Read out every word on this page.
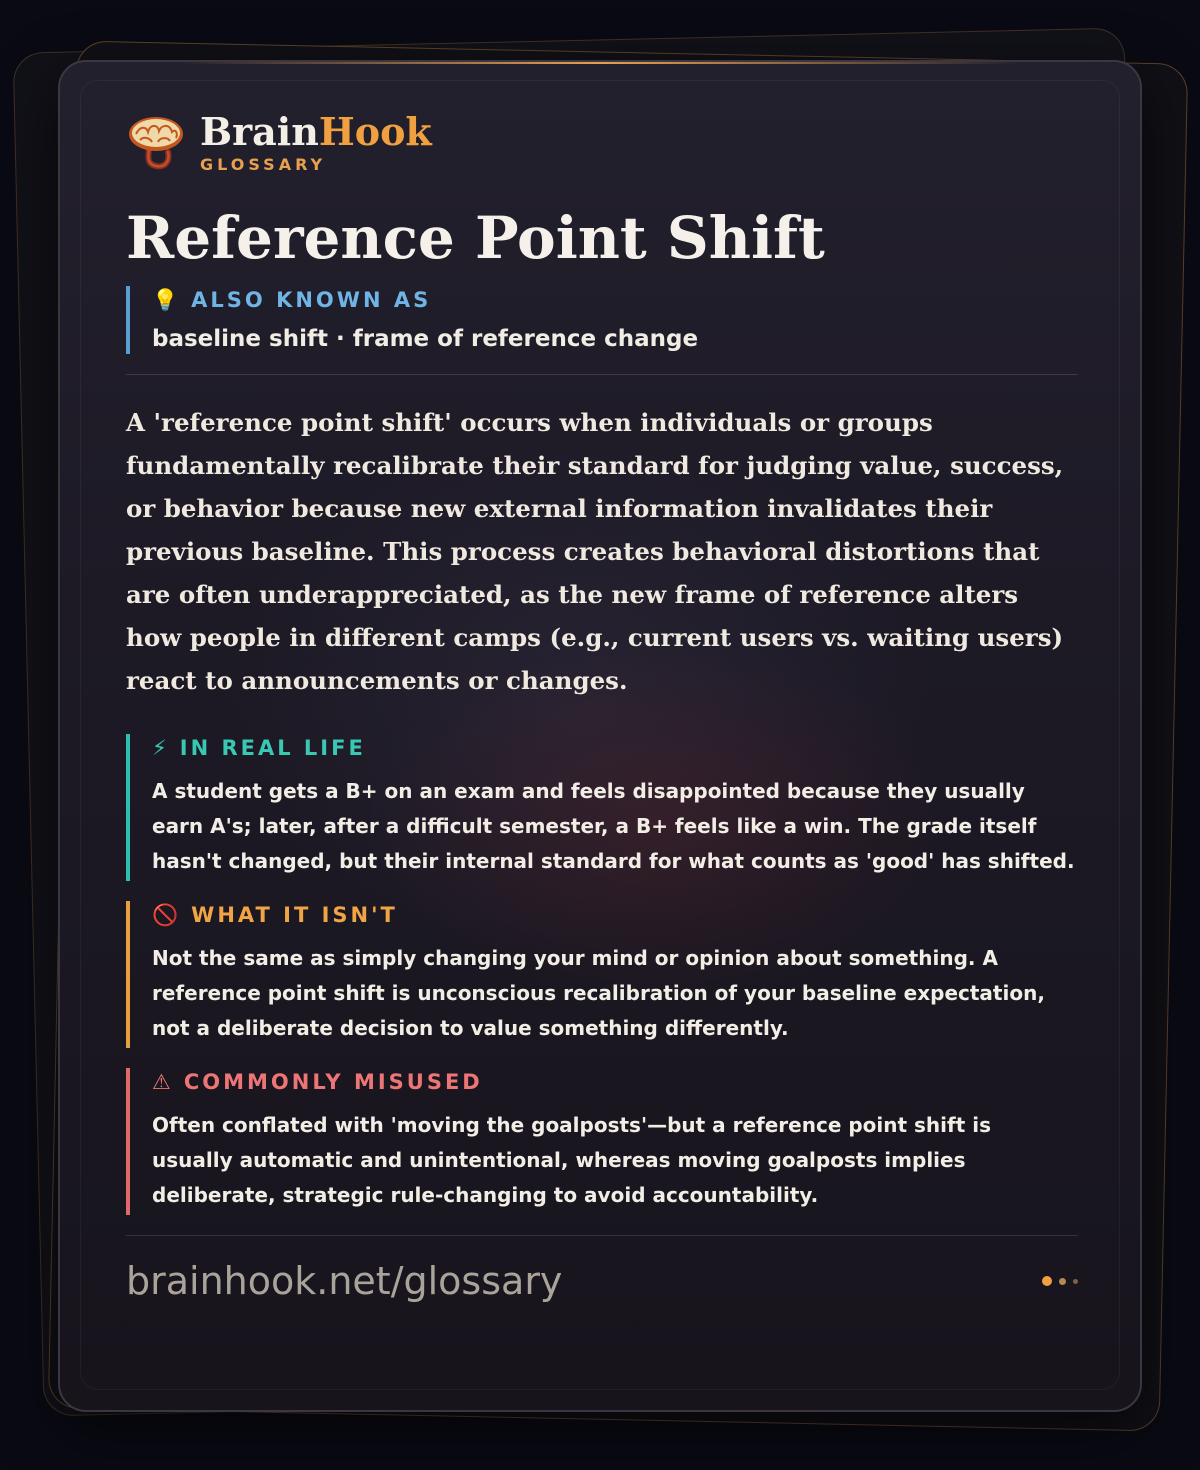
BrainHook
GLOSSARY
Reference Point Shift
💡 ALSO KNOWN AS
baseline shift · frame of reference change
A 'reference point shift' occurs when individuals or groups fundamentally recalibrate their standard for judging value, success, or behavior because new external information invalidates their previous baseline. This process creates behavioral distortions that are often underappreciated, as the new frame of reference alters how people in different camps (e.g., current users vs. waiting users) react to announcements or changes.
⚡ IN REAL LIFE
A student gets a B+ on an exam and feels disappointed because they usually earn A's; later, after a difficult semester, a B+ feels like a win. The grade itself hasn't changed, but their internal standard for what counts as 'good' has shifted.
🚫 WHAT IT ISN'T
Not the same as simply changing your mind or opinion about something. A reference point shift is unconscious recalibration of your baseline expectation, not a deliberate decision to value something differently.
⚠ COMMONLY MISUSED
Often conflated with 'moving the goalposts'—but a reference point shift is usually automatic and unintentional, whereas moving goalposts implies deliberate, strategic rule-changing to avoid accountability.
brainhook.net/glossary
